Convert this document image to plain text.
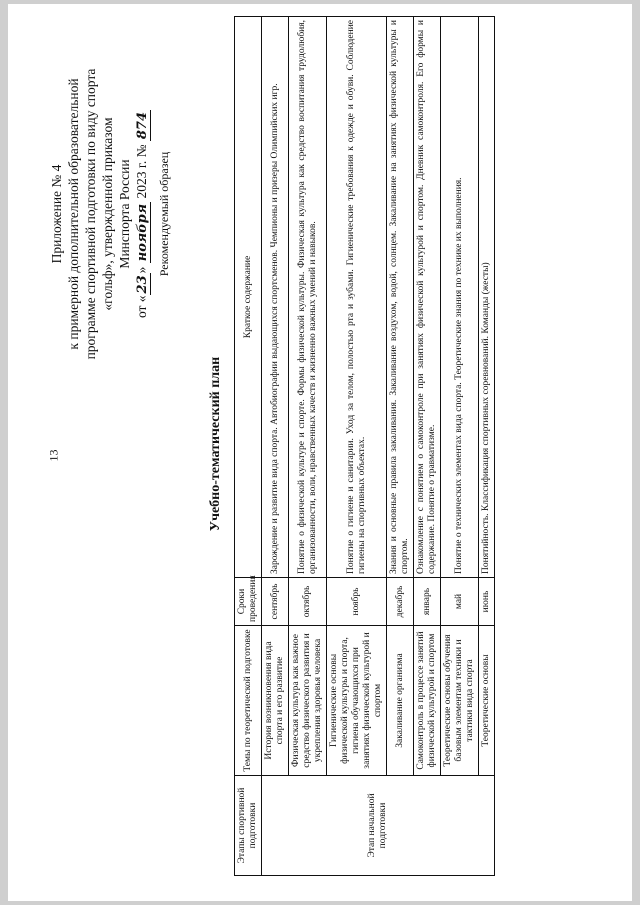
13
Приложение № 4 к примерной дополнительной образовательной программе спортивной подготовки по виду спорта «гольф», утвержденной приказом Минспорта России
от «23» ноября 2023 г. № 874
Рекомендуемый образец
Учебно-тематический план
Этапы спортивной подготовки	Темы по теоретической подготовке	Сроки проведения	Краткое содержание
Этап начальной подготовки	История возникновения вида спорта и его развитие	сентябрь	Зарождение и развитие вида спорта. Автобиографии выдающихся спортсменов. Чемпионы и призеры Олимпийских игр.
	Физическая культура как важное средство физического развития и укрепления здоровья человека	октябрь	Понятие о физической культуре и спорте. Формы физической культуры. Физическая культура как средство воспитания трудолюбия, организованности, воли, нравственных качеств и жизненно важных умений и навыков.
	Гигиенические основы физической культуры и спорта, гигиена обучающихся при занятиях физической культурой и спортом	ноябрь	Понятие о гигиене и санитарии. Уход за телом, полостью рта и зубами. Гигиенические требования к одежде и обуви. Соблюдение гигиены на спортивных объектах.
	Закаливание организма	декабрь	Знания и основные правила закаливания. Закаливание воздухом, водой, солнцем. Закаливание на занятиях физической культуры и спортом.
	Самоконтроль в процессе занятий физической культурой и спортом	январь	Ознакомление с понятием о самоконтроле при занятиях физической культурой и спортом. Дневник самоконтроля. Его формы и содержание. Понятие о травматизме.
	Теоретические основы обучения базовым элементам техники и тактики вида спорта	май	Понятие о технических элементах вида спорта. Теоретические знания по технике их выполнения.
	Теоретические основы	июнь	Понятийность. Классификация спортивных соревнований. Команды (жесты)
